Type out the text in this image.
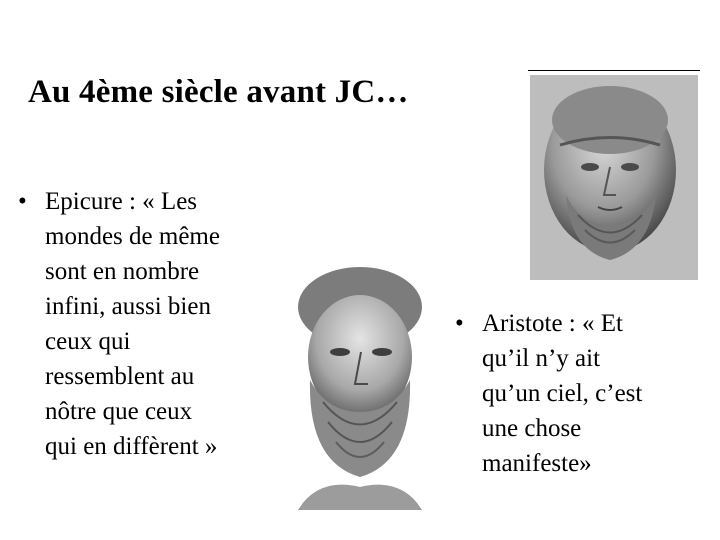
Au 4ème siècle avant JC…
• Epicure : « Les
mondes de même
sont en nombre
infini, aussi bien
ceux qui
ressemblent au
nôtre que ceux
qui en diffèrent »
• Aristote : « Et
qu’il n’y ait
qu’un ciel, c’est
une chose
manifeste»
